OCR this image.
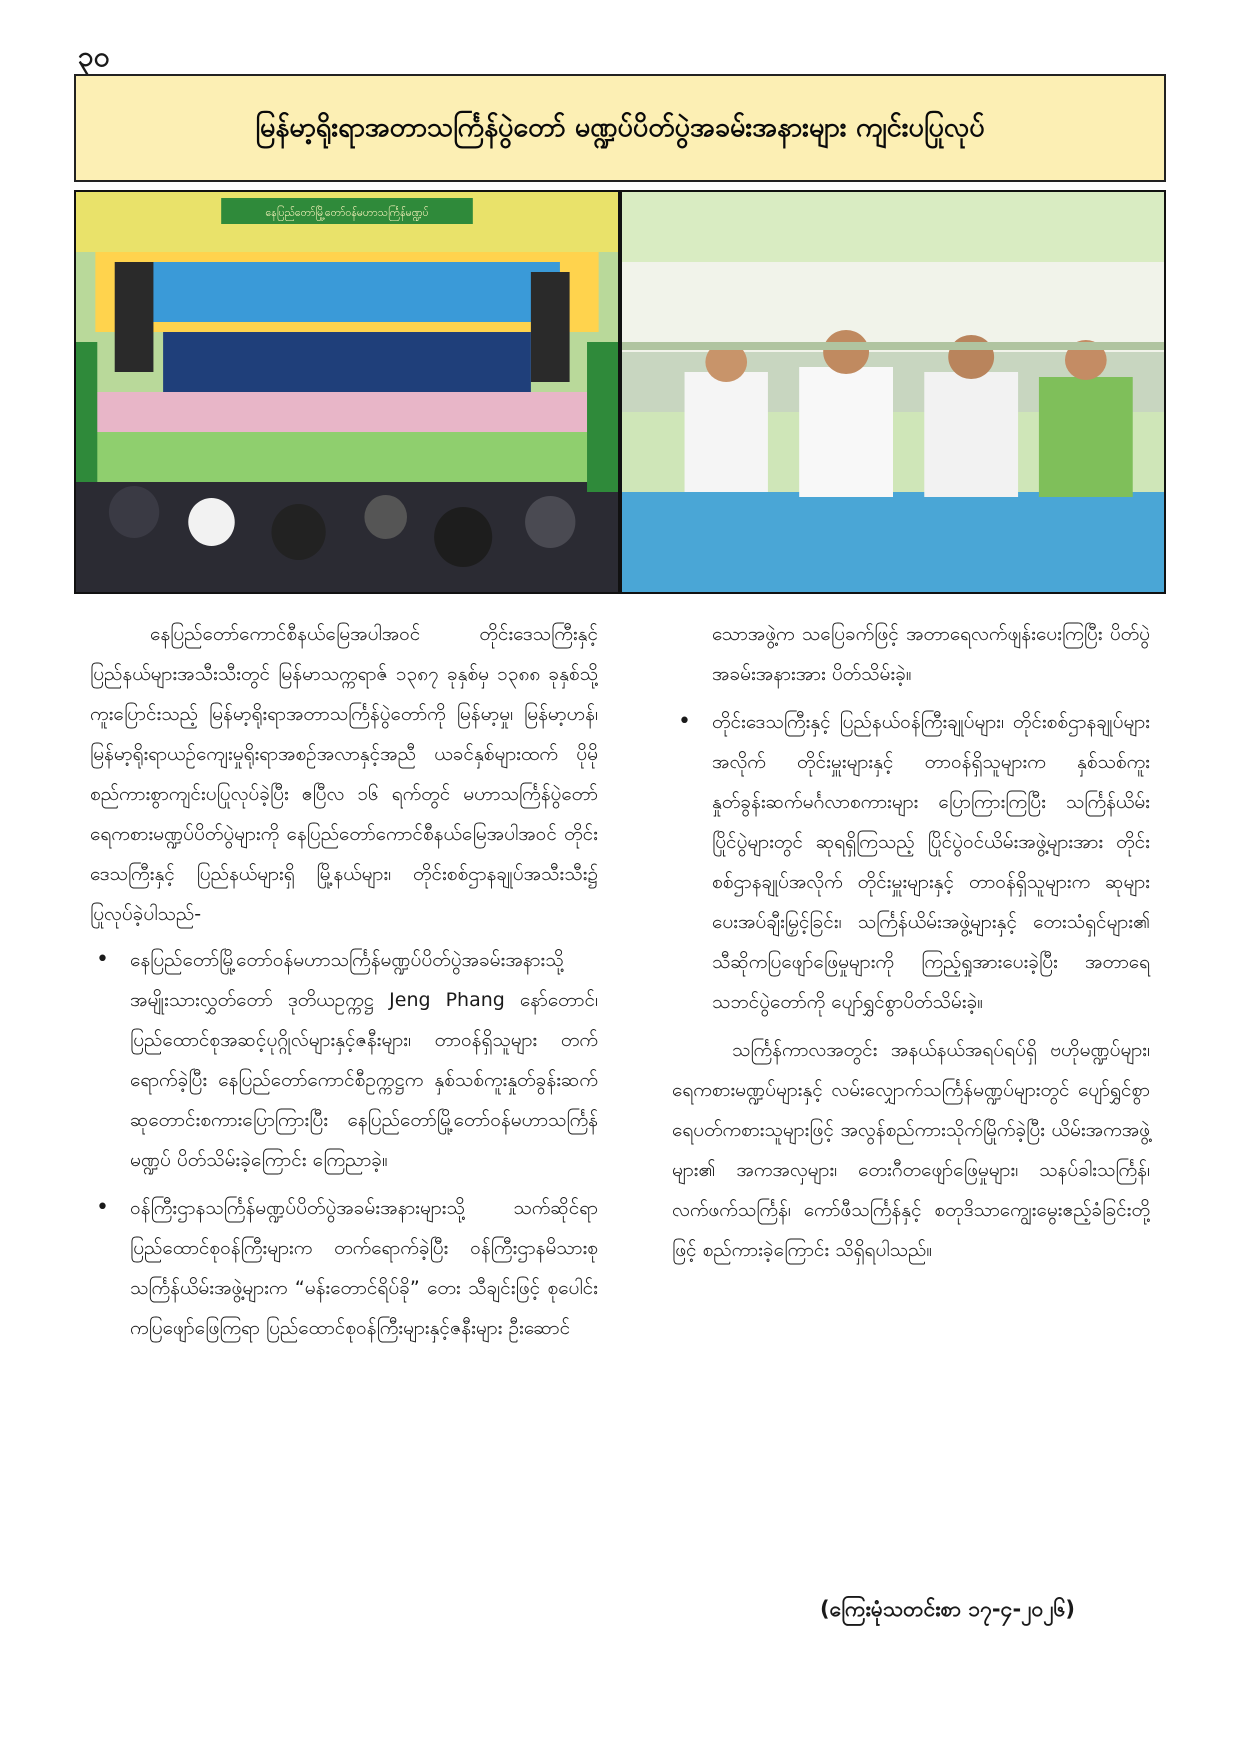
၃၀
မြန်မာ့ရိုးရာအတာသင်္ကြန်ပွဲတော် မဏ္ဍပ်ပိတ်ပွဲအခမ်းအနားများ ကျင်းပပြုလုပ်
နေပြည်တော်မြို့တော်ဝန်မဟာသင်္ကြန်မဏ္ဍပ်

နေပြည်တော်ကောင်စီနယ်မြေအပါအဝင် တိုင်းဒေသကြီးနှင့် ပြည်နယ်များအသီးသီးတွင် မြန်မာသက္ကရာဇ် ၁၃၈၇ ခုနှစ်မှ ၁၃၈၈ ခုနှစ်သို့ ကူးပြောင်းသည့် မြန်မာ့ရိုးရာအတာသင်္ကြန်ပွဲတော်ကို မြန်မာ့မှု၊ မြန်မာ့ဟန်၊ မြန်မာ့ရိုးရာယဉ်ကျေးမှုရိုးရာအစဉ်အလာနှင့်အညီ ယခင်နှစ်များထက် ပိုမိုစည်ကားစွာကျင်းပပြုလုပ်ခဲ့ပြီး ဧပြီလ ၁၆ ရက်တွင် မဟာသင်္ကြန်ပွဲတော်ရေကစားမဏ္ဍပ်ပိတ်ပွဲများကို နေပြည်တော်ကောင်စီနယ်မြေအပါအဝင် တိုင်းဒေသကြီးနှင့် ပြည်နယ်များရှိ မြို့နယ်များ၊ တိုင်းစစ်ဌာနချုပ်အသီးသီး၌ ပြုလုပ်ခဲ့ပါသည်-

• နေပြည်တော်မြို့တော်ဝန်မဟာသင်္ကြန်မဏ္ဍပ်ပိတ်ပွဲအခမ်းအနားသို့ အမျိုးသားလွှတ်တော် ဒုတိယဥက္ကဋ္ဌ Jeng Phang နော်တောင်၊ ပြည်ထောင်စုအဆင့်ပုဂ္ဂိုလ်များနှင့်ဇနီးများ၊ တာဝန်ရှိသူများ တက်ရောက်ခဲ့ပြီး နေပြည်တော်ကောင်စီဥက္ကဋ္ဌက နှစ်သစ်ကူးနှုတ်ခွန်းဆက်ဆုတောင်းစကားပြောကြားပြီး နေပြည်တော်မြို့တော်ဝန်မဟာသင်္ကြန်မဏ္ဍပ် ပိတ်သိမ်းခဲ့ကြောင်း ကြေညာခဲ့။

• ဝန်ကြီးဌာနသင်္ကြန်မဏ္ဍပ်ပိတ်ပွဲအခမ်းအနားများသို့ သက်ဆိုင်ရာပြည်ထောင်စုဝန်ကြီးများက တက်ရောက်ခဲ့ပြီး ဝန်ကြီးဌာနမိသားစု သင်္ကြန်ယိမ်းအဖွဲ့များက “မန်းတောင်ရိပ်ခို” တေး သီချင်းဖြင့် စုပေါင်းကပြဖျော်ဖြေကြရာ ပြည်ထောင်စုဝန်ကြီးများနှင့်ဇနီးများ ဦးဆောင်

သောအဖွဲ့က သပြေခက်ဖြင့် အတာရေလက်ဖျန်းပေးကြပြီး ပိတ်ပွဲအခမ်းအနားအား ပိတ်သိမ်းခဲ့။

• တိုင်းဒေသကြီးနှင့် ပြည်နယ်ဝန်ကြီးချုပ်များ၊ တိုင်းစစ်ဌာနချုပ်များအလိုက် တိုင်းမှူးများနှင့် တာဝန်ရှိသူများက နှစ်သစ်ကူးနှုတ်ခွန်းဆက်မင်္ဂလာစကားများ ပြောကြားကြပြီး သင်္ကြန်ယိမ်းပြိုင်ပွဲများတွင် ဆုရရှိကြသည့် ပြိုင်ပွဲဝင်ယိမ်းအဖွဲ့များအား တိုင်းစစ်ဌာနချုပ်အလိုက် တိုင်းမှူးများနှင့် တာဝန်ရှိသူများက ဆုများပေးအပ်ချီးမြှင့်ခြင်း၊ သင်္ကြန်ယိမ်းအဖွဲ့များနှင့် တေးသံရှင်များ၏ သီဆိုကပြဖျော်ဖြေမှုများကို ကြည့်ရှုအားပေးခဲ့ပြီး အတာရေသဘင်ပွဲတော်ကို ပျော်ရွှင်စွာပိတ်သိမ်းခဲ့။

သင်္ကြန်ကာလအတွင်း အနယ်နယ်အရပ်ရပ်ရှိ ဗဟိုမဏ္ဍပ်များ၊ ရေကစားမဏ္ဍပ်များနှင့် လမ်းလျှောက်သင်္ကြန်မဏ္ဍပ်များတွင် ပျော်ရွှင်စွာ ရေပတ်ကစားသူများဖြင့် အလွန်စည်ကားသိုက်မြိုက်ခဲ့ပြီး ယိမ်းအကအဖွဲ့များ၏ အကအလှများ၊ တေးဂီတဖျော်ဖြေမှုများ၊ သနပ်ခါးသင်္ကြန်၊ လက်ဖက်သင်္ကြန်၊ ကော်ဖီသင်္ကြန်နှင့် စတုဒိသာကျွေးမွေးဧည့်ခံခြင်းတို့ဖြင့် စည်ကားခဲ့ကြောင်း သိရှိရပါသည်။

(ကြေးမုံသတင်းစာ ၁၇-၄-၂၀၂၆)
